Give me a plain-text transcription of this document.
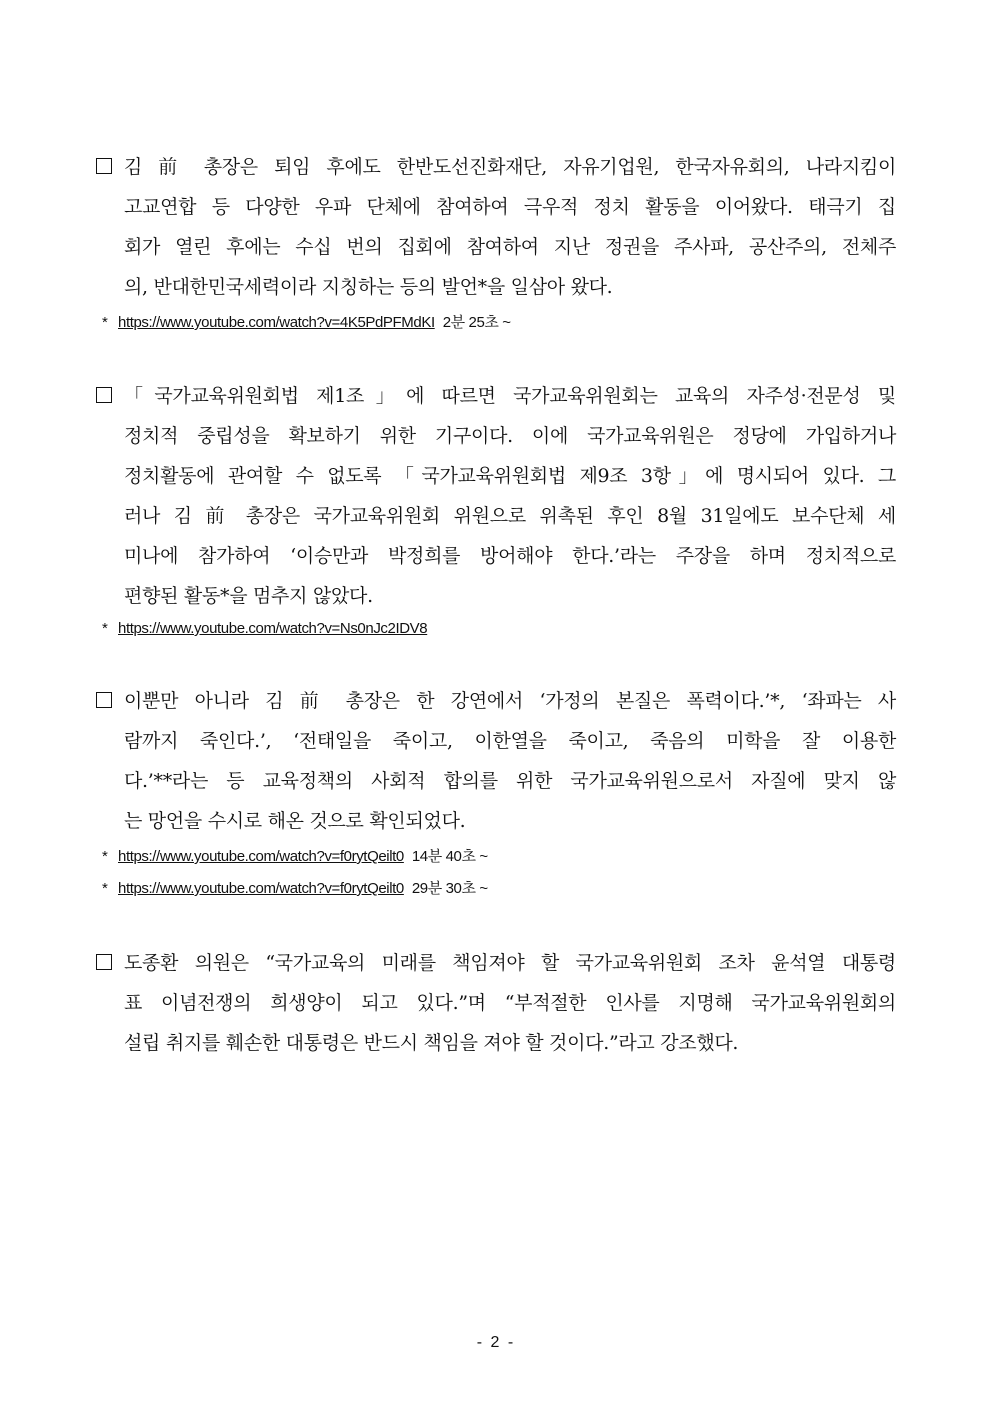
김 前 총장은 퇴임 후에도 한반도선진화재단, 자유기업원, 한국자유회의, 나라지킴이
고교연합 등 다양한 우파 단체에 참여하여 극우적 정치 활동을 이어왔다. 태극기 집
회가 열린 후에는 수십 번의 집회에 참여하여 지난 정권을 주사파, 공산주의, 전체주
의, 반대한민국세력이라 지칭하는 등의 발언*을 일삼아 왔다.
* https://www.youtube.com/watch?v=4K5PdPFMdKI 2분 25초 ~
「국가교육위원회법 제1조」에 따르면 국가교육위원회는 교육의 자주성·전문성 및
정치적 중립성을 확보하기 위한 기구이다. 이에 국가교육위원은 정당에 가입하거나
정치활동에 관여할 수 없도록 「국가교육위원회법 제9조 3항」에 명시되어 있다. 그
러나 김 前 총장은 국가교육위원회 위원으로 위촉된 후인 8월 31일에도 보수단체 세
미나에 참가하여 ‘이승만과 박정희를 방어해야 한다.’라는 주장을 하며 정치적으로
편향된 활동*을 멈추지 않았다.
* https://www.youtube.com/watch?v=Ns0nJc2IDV8
이뿐만 아니라 김 前 총장은 한 강연에서 ‘가정의 본질은 폭력이다.’*, ‘좌파는 사
람까지 죽인다.’, ‘전태일을 죽이고, 이한열을 죽이고, 죽음의 미학을 잘 이용한
다.’**라는 등 교육정책의 사회적 합의를 위한 국가교육위원으로서 자질에 맞지 않
는 망언을 수시로 해온 것으로 확인되었다.
* https://www.youtube.com/watch?v=f0rytQeilt0 14분 40초 ~
* https://www.youtube.com/watch?v=f0rytQeilt0 29분 30초 ~
도종환 의원은 “국가교육의 미래를 책임져야 할 국가교육위원회 조차 윤석열 대통령
표 이념전쟁의 희생양이 되고 있다.”며 “부적절한 인사를 지명해 국가교육위원회의
설립 취지를 훼손한 대통령은 반드시 책임을 져야 할 것이다.”라고 강조했다.
- 2 -
